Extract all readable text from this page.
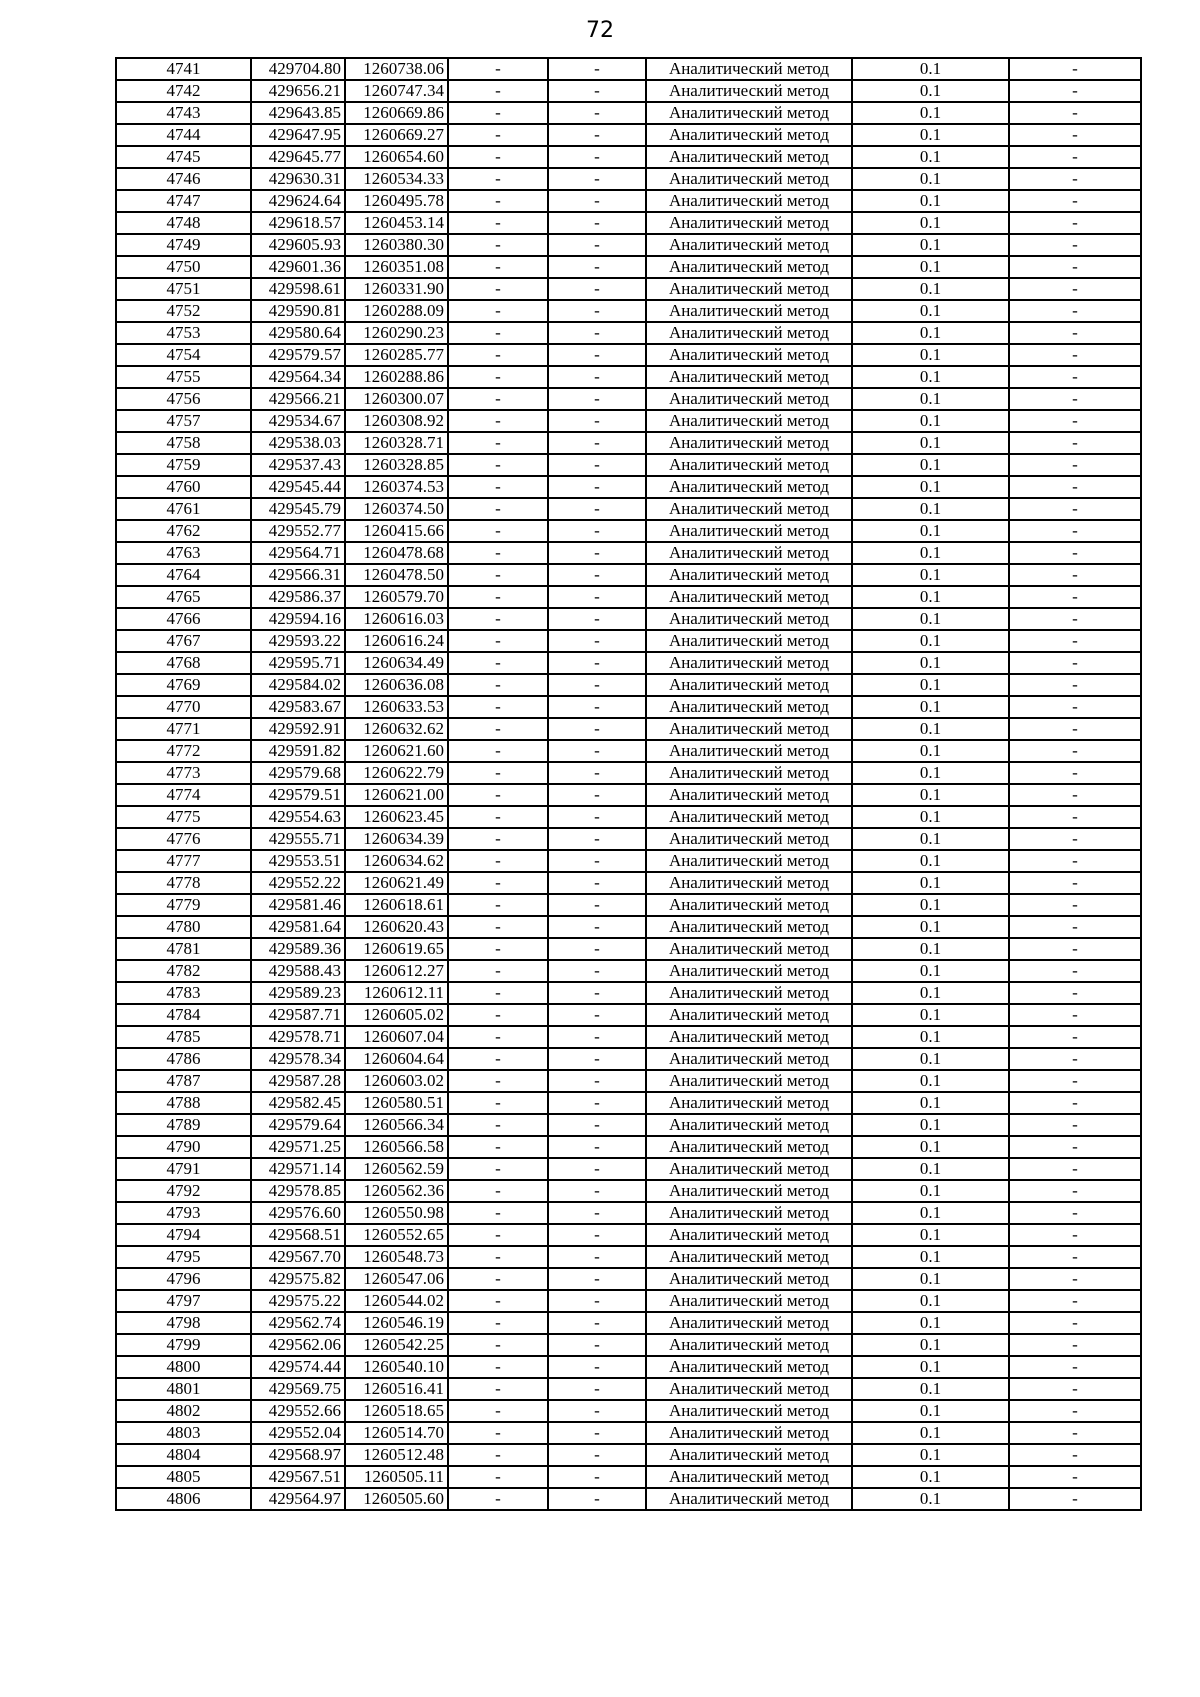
72
4741	429704.80	1260738.06	-	-	Аналитический метод	0.1	-
4742	429656.21	1260747.34	-	-	Аналитический метод	0.1	-
4743	429643.85	1260669.86	-	-	Аналитический метод	0.1	-
4744	429647.95	1260669.27	-	-	Аналитический метод	0.1	-
4745	429645.77	1260654.60	-	-	Аналитический метод	0.1	-
4746	429630.31	1260534.33	-	-	Аналитический метод	0.1	-
4747	429624.64	1260495.78	-	-	Аналитический метод	0.1	-
4748	429618.57	1260453.14	-	-	Аналитический метод	0.1	-
4749	429605.93	1260380.30	-	-	Аналитический метод	0.1	-
4750	429601.36	1260351.08	-	-	Аналитический метод	0.1	-
4751	429598.61	1260331.90	-	-	Аналитический метод	0.1	-
4752	429590.81	1260288.09	-	-	Аналитический метод	0.1	-
4753	429580.64	1260290.23	-	-	Аналитический метод	0.1	-
4754	429579.57	1260285.77	-	-	Аналитический метод	0.1	-
4755	429564.34	1260288.86	-	-	Аналитический метод	0.1	-
4756	429566.21	1260300.07	-	-	Аналитический метод	0.1	-
4757	429534.67	1260308.92	-	-	Аналитический метод	0.1	-
4758	429538.03	1260328.71	-	-	Аналитический метод	0.1	-
4759	429537.43	1260328.85	-	-	Аналитический метод	0.1	-
4760	429545.44	1260374.53	-	-	Аналитический метод	0.1	-
4761	429545.79	1260374.50	-	-	Аналитический метод	0.1	-
4762	429552.77	1260415.66	-	-	Аналитический метод	0.1	-
4763	429564.71	1260478.68	-	-	Аналитический метод	0.1	-
4764	429566.31	1260478.50	-	-	Аналитический метод	0.1	-
4765	429586.37	1260579.70	-	-	Аналитический метод	0.1	-
4766	429594.16	1260616.03	-	-	Аналитический метод	0.1	-
4767	429593.22	1260616.24	-	-	Аналитический метод	0.1	-
4768	429595.71	1260634.49	-	-	Аналитический метод	0.1	-
4769	429584.02	1260636.08	-	-	Аналитический метод	0.1	-
4770	429583.67	1260633.53	-	-	Аналитический метод	0.1	-
4771	429592.91	1260632.62	-	-	Аналитический метод	0.1	-
4772	429591.82	1260621.60	-	-	Аналитический метод	0.1	-
4773	429579.68	1260622.79	-	-	Аналитический метод	0.1	-
4774	429579.51	1260621.00	-	-	Аналитический метод	0.1	-
4775	429554.63	1260623.45	-	-	Аналитический метод	0.1	-
4776	429555.71	1260634.39	-	-	Аналитический метод	0.1	-
4777	429553.51	1260634.62	-	-	Аналитический метод	0.1	-
4778	429552.22	1260621.49	-	-	Аналитический метод	0.1	-
4779	429581.46	1260618.61	-	-	Аналитический метод	0.1	-
4780	429581.64	1260620.43	-	-	Аналитический метод	0.1	-
4781	429589.36	1260619.65	-	-	Аналитический метод	0.1	-
4782	429588.43	1260612.27	-	-	Аналитический метод	0.1	-
4783	429589.23	1260612.11	-	-	Аналитический метод	0.1	-
4784	429587.71	1260605.02	-	-	Аналитический метод	0.1	-
4785	429578.71	1260607.04	-	-	Аналитический метод	0.1	-
4786	429578.34	1260604.64	-	-	Аналитический метод	0.1	-
4787	429587.28	1260603.02	-	-	Аналитический метод	0.1	-
4788	429582.45	1260580.51	-	-	Аналитический метод	0.1	-
4789	429579.64	1260566.34	-	-	Аналитический метод	0.1	-
4790	429571.25	1260566.58	-	-	Аналитический метод	0.1	-
4791	429571.14	1260562.59	-	-	Аналитический метод	0.1	-
4792	429578.85	1260562.36	-	-	Аналитический метод	0.1	-
4793	429576.60	1260550.98	-	-	Аналитический метод	0.1	-
4794	429568.51	1260552.65	-	-	Аналитический метод	0.1	-
4795	429567.70	1260548.73	-	-	Аналитический метод	0.1	-
4796	429575.82	1260547.06	-	-	Аналитический метод	0.1	-
4797	429575.22	1260544.02	-	-	Аналитический метод	0.1	-
4798	429562.74	1260546.19	-	-	Аналитический метод	0.1	-
4799	429562.06	1260542.25	-	-	Аналитический метод	0.1	-
4800	429574.44	1260540.10	-	-	Аналитический метод	0.1	-
4801	429569.75	1260516.41	-	-	Аналитический метод	0.1	-
4802	429552.66	1260518.65	-	-	Аналитический метод	0.1	-
4803	429552.04	1260514.70	-	-	Аналитический метод	0.1	-
4804	429568.97	1260512.48	-	-	Аналитический метод	0.1	-
4805	429567.51	1260505.11	-	-	Аналитический метод	0.1	-
4806	429564.97	1260505.60	-	-	Аналитический метод	0.1	-
